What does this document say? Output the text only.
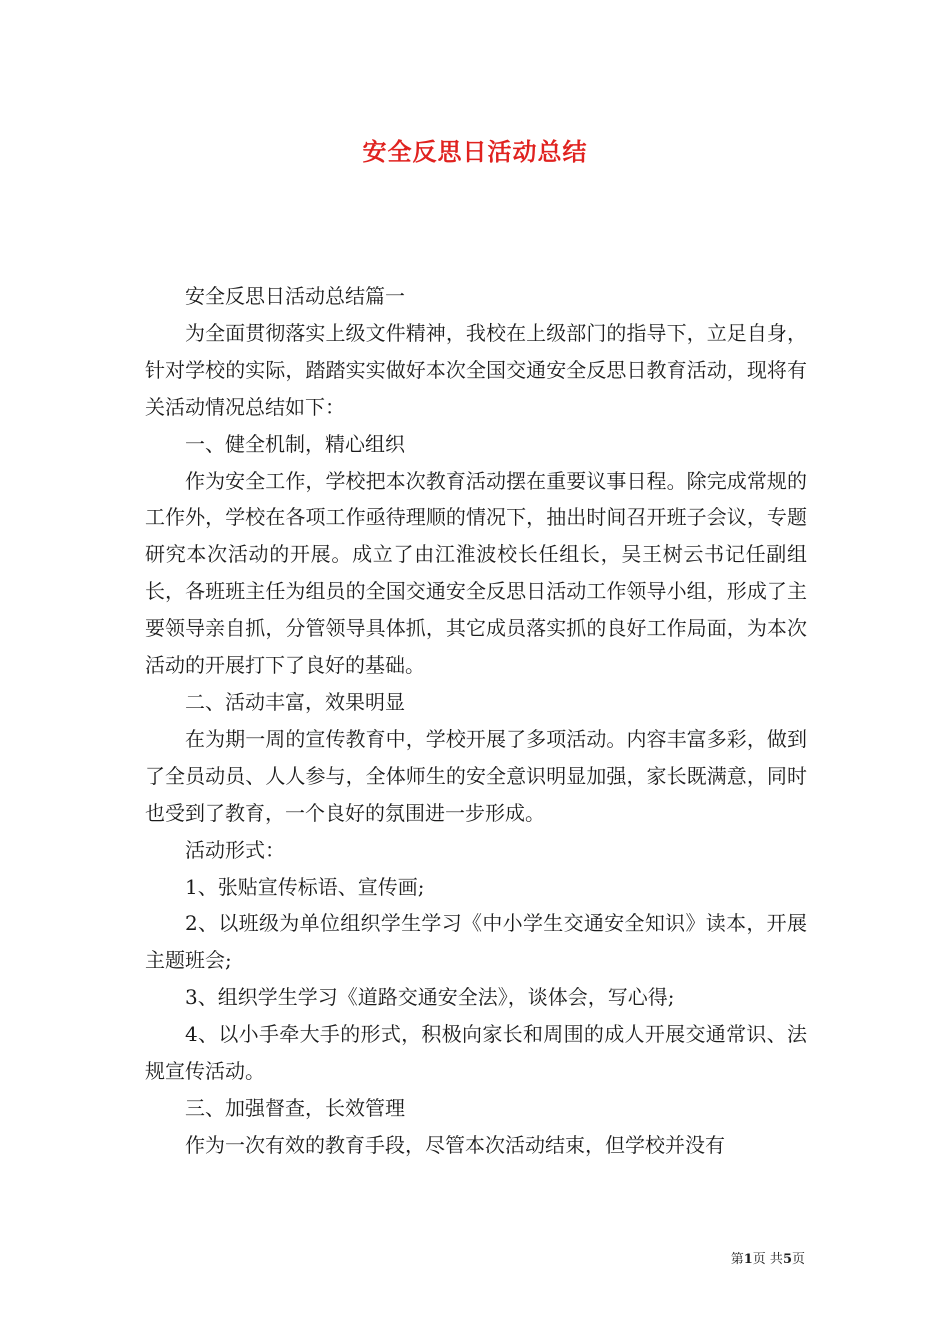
安全反思日活动总结

安全反思日活动总结篇一

为全面贯彻落实上级文件精神，我校在上级部门的指导下，立足自身，针对学校的实际，踏踏实实做好本次全国交通安全反思日教育活动，现将有关活动情况总结如下：

一、健全机制，精心组织

作为安全工作，学校把本次教育活动摆在重要议事日程。除完成常规的工作外，学校在各项工作亟待理顺的情况下，抽出时间召开班子会议，专题研究本次活动的开展。成立了由江淮波校长任组长，吴王树云书记任副组长，各班班主任为组员的全国交通安全反思日活动工作领导小组，形成了主要领导亲自抓，分管领导具体抓，其它成员落实抓的良好工作局面，为本次活动的开展打下了良好的基础。

二、活动丰富，效果明显

在为期一周的宣传教育中，学校开展了多项活动。内容丰富多彩，做到了全员动员、人人参与，全体师生的安全意识明显加强，家长既满意，同时也受到了教育，一个良好的氛围进一步形成。

活动形式：

1、张贴宣传标语、宣传画;

2、以班级为单位组织学生学习《中小学生交通安全知识》读本，开展主题班会;

3、组织学生学习《道路交通安全法》，谈体会，写心得;

4、以小手牵大手的形式，积极向家长和周围的成人开展交通常识、法规宣传活动。

三、加强督查，长效管理

作为一次有效的教育手段，尽管本次活动结束，但学校并没有

第1页 共5页
